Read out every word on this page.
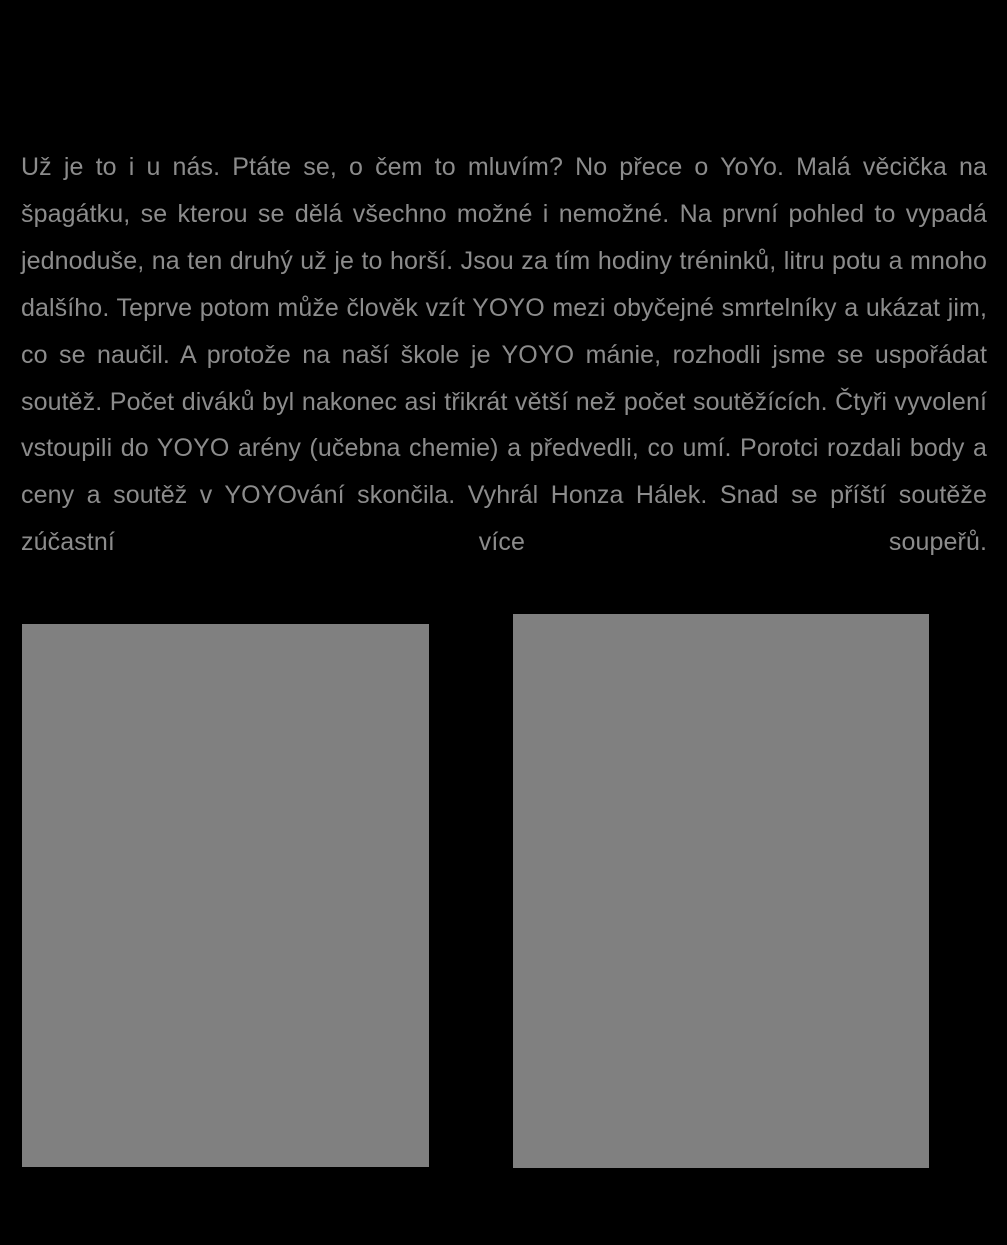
Už je to i u nás. Ptáte se, o čem to mluvím? No přece o YoYo. Malá věcička na špagátku, se kterou se dělá všechno možné i nemožné. Na první pohled to vypadá jednoduše, na ten druhý už je to horší. Jsou za tím hodiny tréninků, litru potu a mnoho dalšího. Teprve potom může člověk vzít YOYO mezi obyčejné smrtelníky a ukázat jim, co se naučil. A protože na naší škole je YOYO mánie, rozhodli jsme se uspořádat soutěž. Počet diváků byl nakonec asi třikrát větší než počet soutěžících. Čtyři vyvolení vstoupili do YOYO arény (učebna chemie) a předvedli, co umí. Porotci rozdali body a ceny a soutěž v YOYOvání skončila. Vyhrál Honza Hálek. Snad se příští soutěže zúčastní více soupeřů.
